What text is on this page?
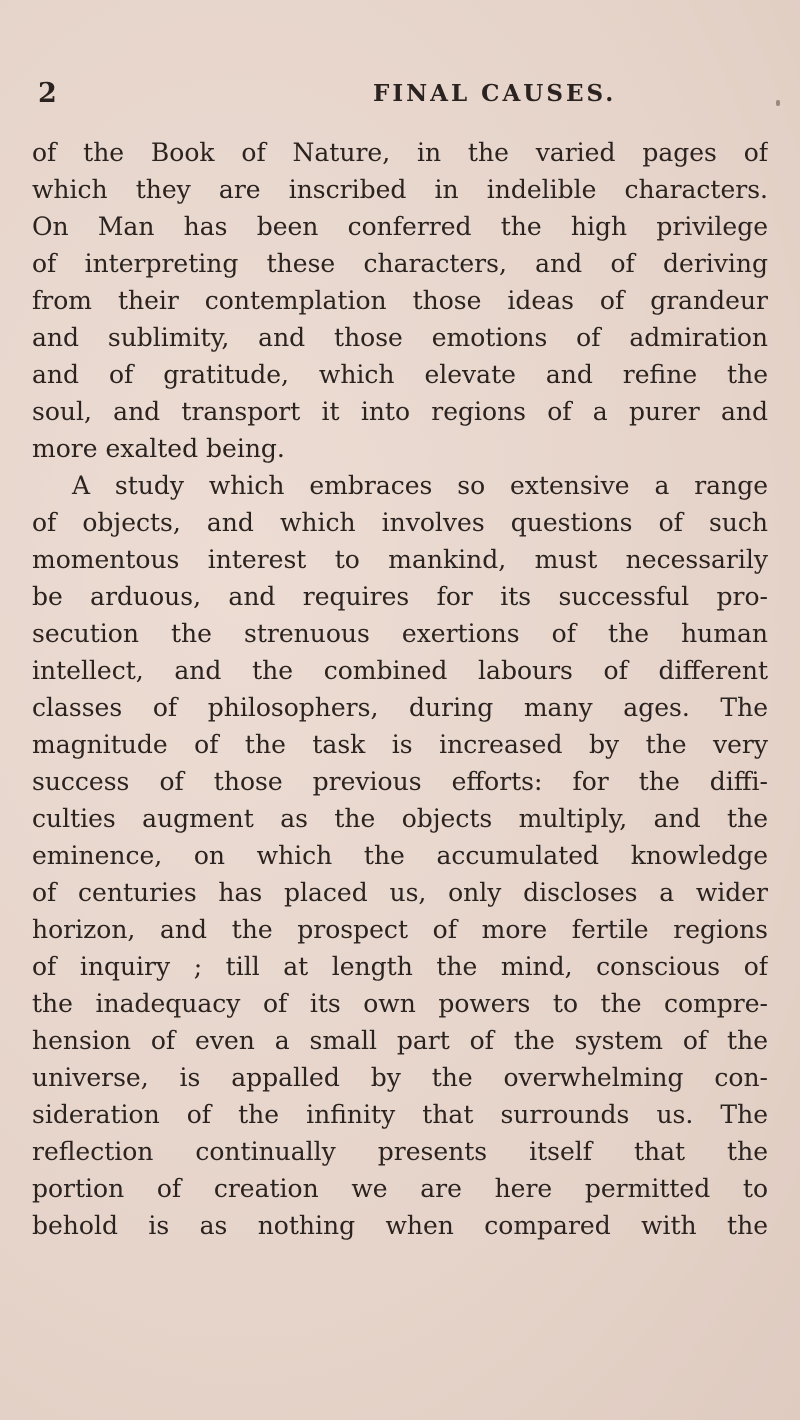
2	FINAL CAUSES.
of the Book of Nature, in the varied pages of
which they are inscribed in indelible characters.
On Man has been conferred the high privilege
of interpreting these characters, and of deriving
from their contemplation those ideas of grandeur
and sublimity, and those emotions of admiration
and of gratitude, which elevate and refine the
soul, and transport it into regions of a purer and
more exalted being.
A study which embraces so extensive a range
of objects, and which involves questions of such
momentous interest to mankind, must necessarily
be arduous, and requires for its successful pro-
secution the strenuous exertions of the human
intellect, and the combined labours of different
classes of philosophers, during many ages. The
magnitude of the task is increased by the very
success of those previous efforts: for the diffi-
culties augment as the objects multiply, and the
eminence, on which the accumulated knowledge
of centuries has placed us, only discloses a wider
horizon, and the prospect of more fertile regions
of inquiry ; till at length the mind, conscious of
the inadequacy of its own powers to the compre-
hension of even a small part of the system of the
universe, is appalled by the overwhelming con-
sideration of the infinity that surrounds us. The
reflection continually presents itself that the
portion of creation we are here permitted to
behold is as nothing when compared with the
